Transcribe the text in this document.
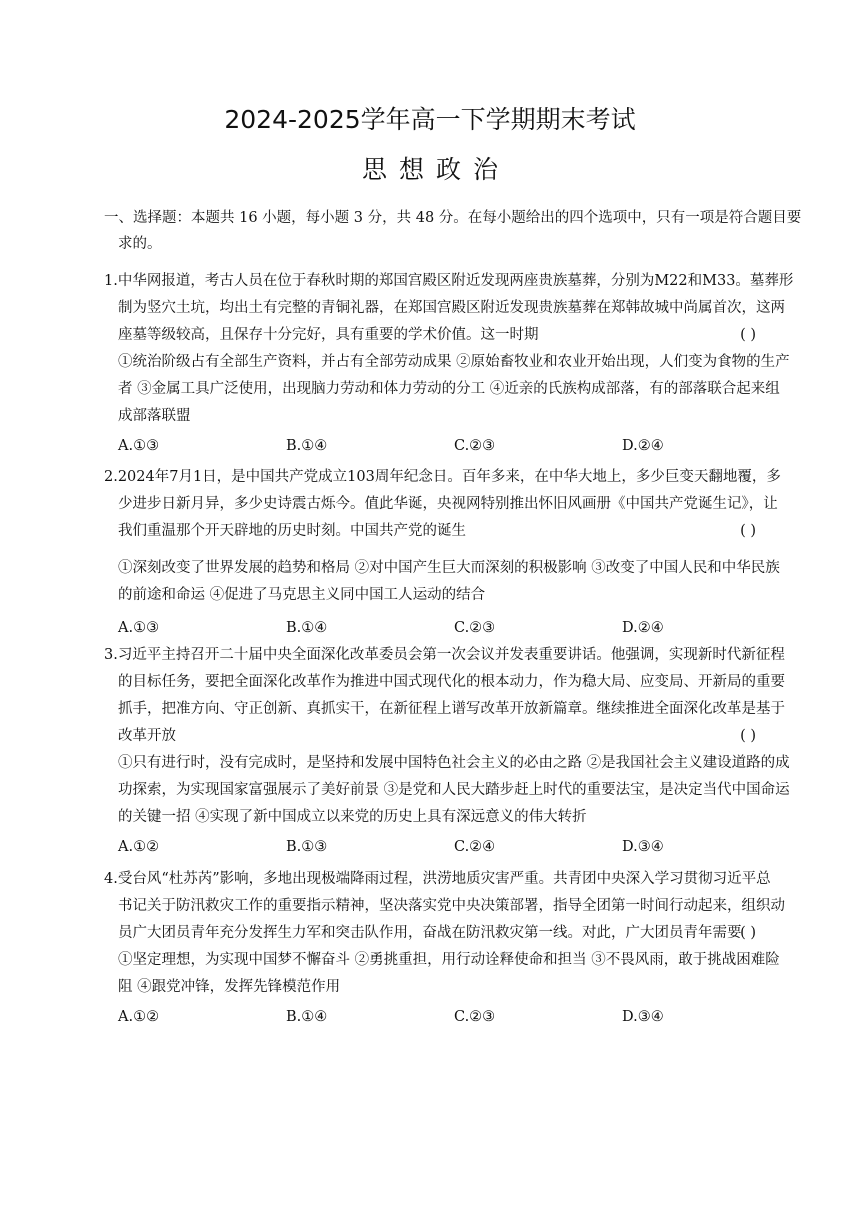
2024-2025学年高一下学期期末考试
思想政治
一、选择题：本题共 16 小题，每小题 3 分，共 48 分。在每小题给出的四个选项中，只有一项是符合题目要
求的。
1.中华网报道，考古人员在位于春秋时期的郑国宫殿区附近发现两座贵族墓葬，分别为M22和M33。墓葬形
制为竖穴土坑，均出土有完整的青铜礼器，在郑国宫殿区附近发现贵族墓葬在郑韩故城中尚属首次，这两
座墓等级较高，且保存十分完好，具有重要的学术价值。这一时期	( )
①统治阶级占有全部生产资料，并占有全部劳动成果 ②原始畜牧业和农业开始出现，人们变为食物的生产
者 ③金属工具广泛使用，出现脑力劳动和体力劳动的分工 ④近亲的氏族构成部落，有的部落联合起来组
成部落联盟
A.①③	B.①④	C.②③	D.②④
2.2024年7月1日，是中国共产党成立103周年纪念日。百年多来，在中华大地上，多少巨变天翻地覆，多
少进步日新月异，多少史诗震古烁今。值此华诞，央视网特别推出怀旧风画册《中国共产党诞生记》，让
我们重温那个开天辟地的历史时刻。中国共产党的诞生	( )
①深刻改变了世界发展的趋势和格局 ②对中国产生巨大而深刻的积极影响 ③改变了中国人民和中华民族
的前途和命运 ④促进了马克思主义同中国工人运动的结合
A.①③	B.①④	C.②③	D.②④
3.习近平主持召开二十届中央全面深化改革委员会第一次会议并发表重要讲话。他强调，实现新时代新征程
的目标任务，要把全面深化改革作为推进中国式现代化的根本动力，作为稳大局、应变局、开新局的重要
抓手，把准方向、守正创新、真抓实干，在新征程上谱写改革开放新篇章。继续推进全面深化改革是基于
改革开放	( )
①只有进行时，没有完成时，是坚持和发展中国特色社会主义的必由之路 ②是我国社会主义建设道路的成
功探索，为实现国家富强展示了美好前景 ③是党和人民大踏步赶上时代的重要法宝，是决定当代中国命运
的关键一招 ④实现了新中国成立以来党的历史上具有深远意义的伟大转折
A.①②	B.①③	C.②④	D.③④
4.受台风“杜苏芮”影响，多地出现极端降雨过程，洪涝地质灾害严重。共青团中央深入学习贯彻习近平总
书记关于防汛救灾工作的重要指示精神，坚决落实党中央决策部署，指导全团第一时间行动起来，组织动
员广大团员青年充分发挥生力军和突击队作用，奋战在防汛救灾第一线。对此，广大团员青年需要
( )
①坚定理想，为实现中国梦不懈奋斗 ②勇挑重担，用行动诠释使命和担当 ③不畏风雨，敢于挑战困难险
阻 ④跟党冲锋，发挥先锋模范作用
A.①②	B.①④	C.②③	D.③④
